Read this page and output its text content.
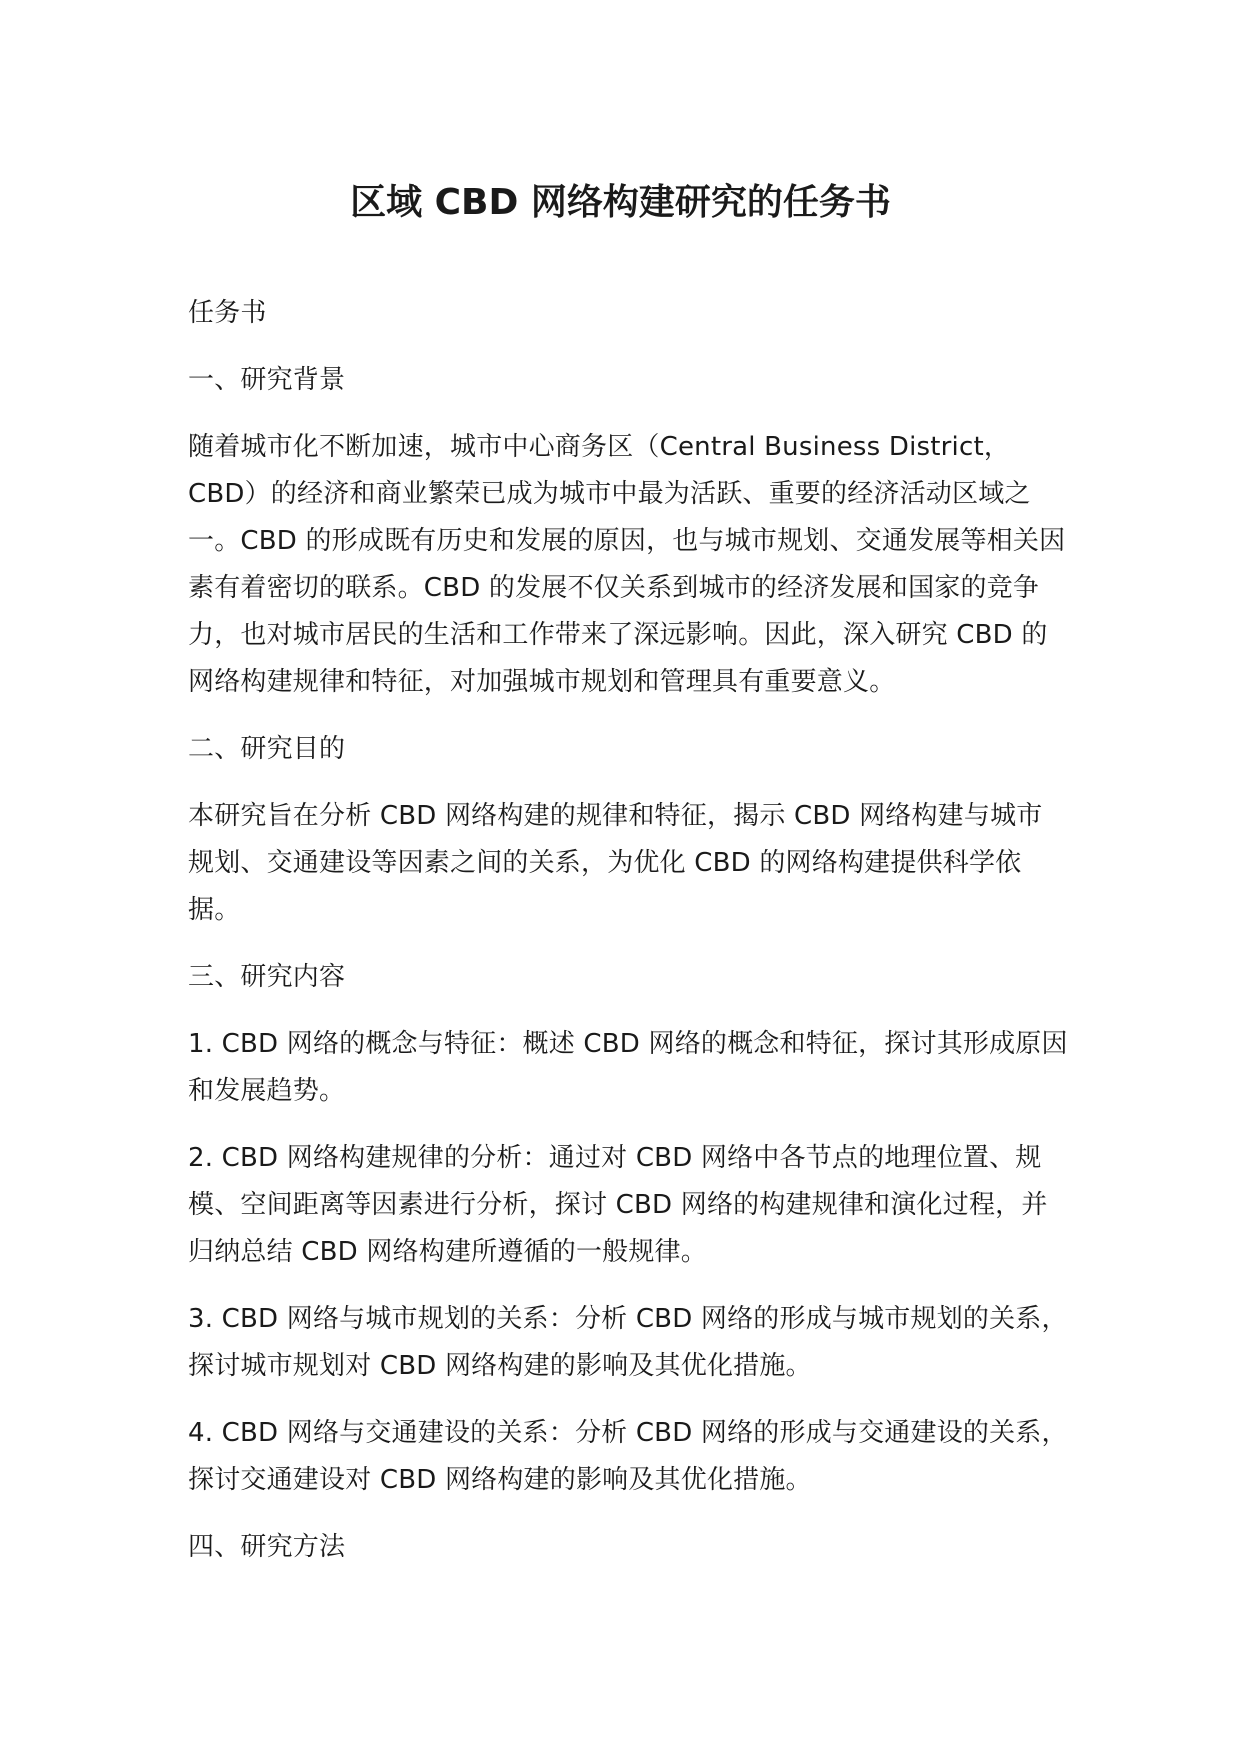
区域 CBD 网络构建研究的任务书

任务书

一、研究背景

随着城市化不断加速，城市中心商务区（Central Business District，CBD）的经济和商业繁荣已成为城市中最为活跃、重要的经济活动区域之一。CBD 的形成既有历史和发展的原因，也与城市规划、交通发展等相关因素有着密切的联系。CBD 的发展不仅关系到城市的经济发展和国家的竞争力，也对城市居民的生活和工作带来了深远影响。因此，深入研究 CBD 的网络构建规律和特征，对加强城市规划和管理具有重要意义。

二、研究目的

本研究旨在分析 CBD 网络构建的规律和特征，揭示 CBD 网络构建与城市规划、交通建设等因素之间的关系，为优化 CBD 的网络构建提供科学依据。

三、研究内容

1. CBD 网络的概念与特征：概述 CBD 网络的概念和特征，探讨其形成原因和发展趋势。

2. CBD 网络构建规律的分析：通过对 CBD 网络中各节点的地理位置、规模、空间距离等因素进行分析，探讨 CBD 网络的构建规律和演化过程，并归纳总结 CBD 网络构建所遵循的一般规律。

3. CBD 网络与城市规划的关系：分析 CBD 网络的形成与城市规划的关系，探讨城市规划对 CBD 网络构建的影响及其优化措施。

4. CBD 网络与交通建设的关系：分析 CBD 网络的形成与交通建设的关系，探讨交通建设对 CBD 网络构建的影响及其优化措施。

四、研究方法
